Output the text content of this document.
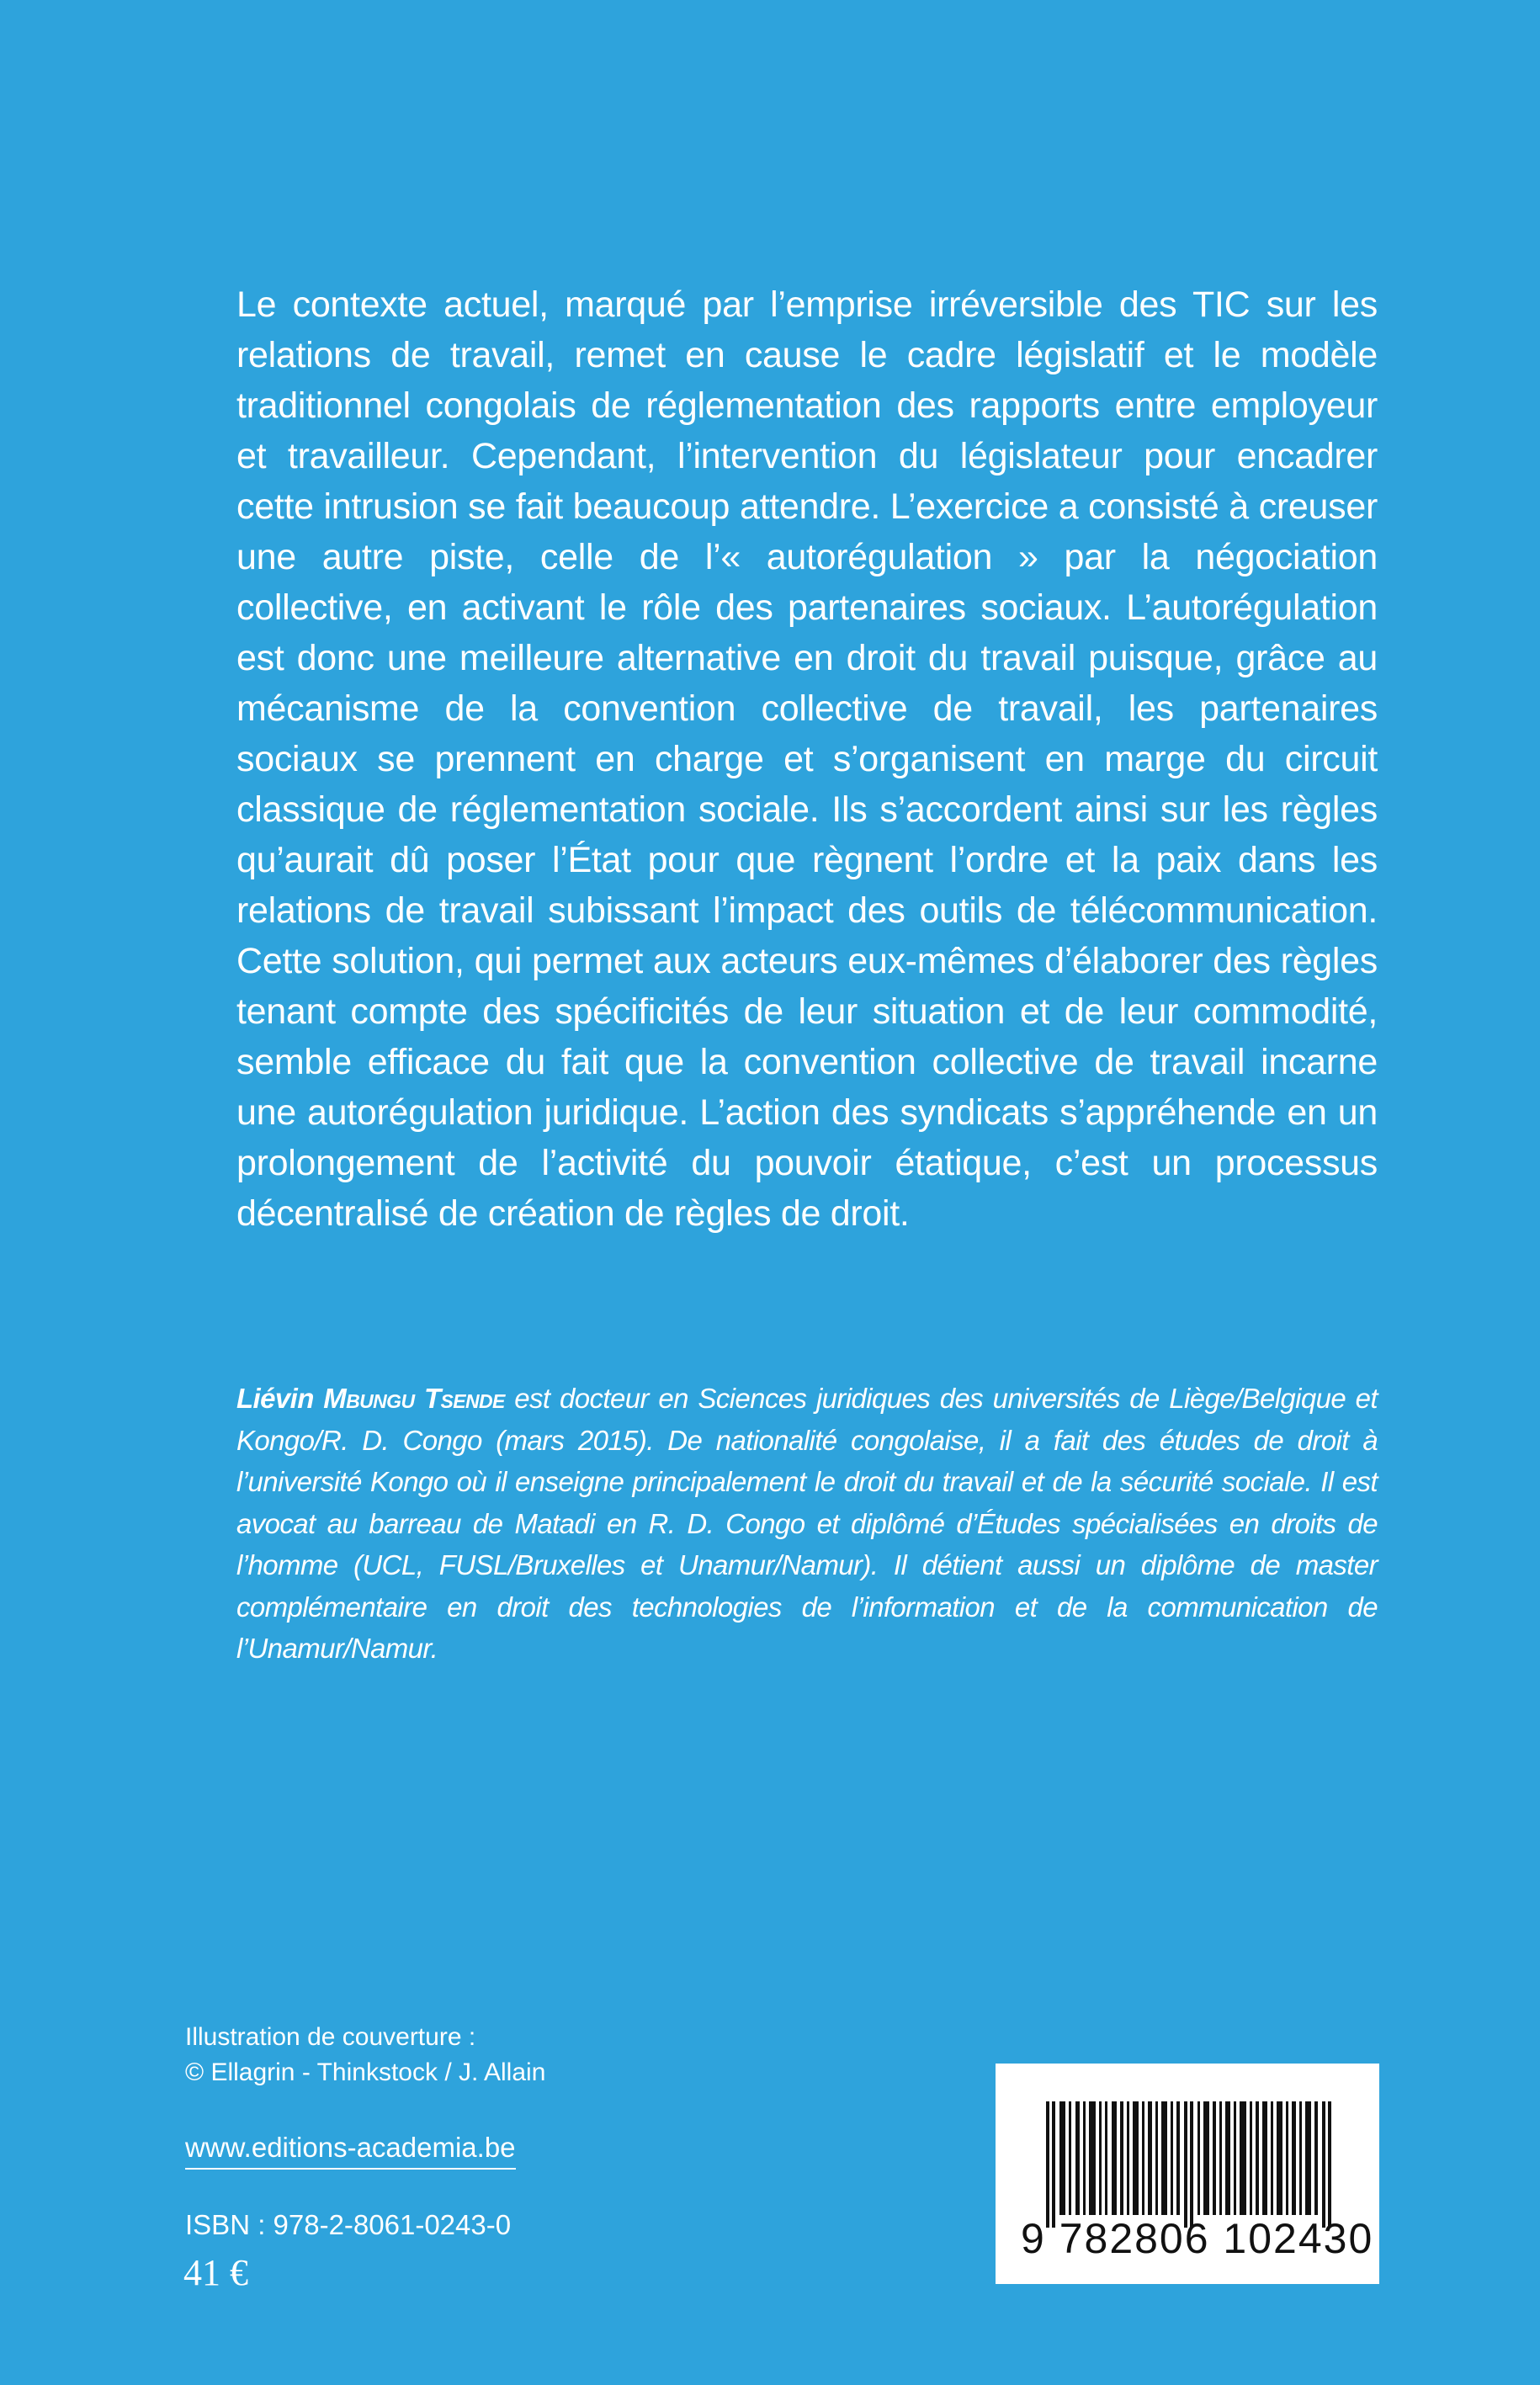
Le contexte actuel, marqué par l’emprise irréversible des TIC sur les relations de travail, remet en cause le cadre législatif et le modèle traditionnel congolais de réglementation des rapports entre employeur et travailleur. Cependant, l’intervention du législateur pour encadrer cette intrusion se fait beaucoup attendre. L’exercice a consisté à creuser une autre piste, celle de l’« autorégulation » par la négociation collective, en activant le rôle des partenaires sociaux. L’autorégulation est donc une meilleure alternative en droit du travail puisque, grâce au mécanisme de la convention collective de travail, les partenaires sociaux se prennent en charge et s’organisent en marge du circuit classique de réglementation sociale. Ils s’accordent ainsi sur les règles qu’aurait dû poser l’État pour que règnent l’ordre et la paix dans les relations de travail subissant l’impact des outils de télécommunication. Cette solution, qui permet aux acteurs eux-mêmes d’élaborer des règles tenant compte des spécificités de leur situation et de leur commodité, semble efficace du fait que la convention collective de travail incarne une autorégulation juridique. L’action des syndicats s’appréhende en un prolongement de l’activité du pouvoir étatique, c’est un processus décentralisé de création de règles de droit.

Liévin Mbungu Tsende est docteur en Sciences juridiques des universités de Liège/Belgique et Kongo/R. D. Congo (mars 2015). De nationalité congolaise, il a fait des études de droit à l’université Kongo où il enseigne principalement le droit du travail et de la sécurité sociale. Il est avocat au barreau de Matadi en R. D. Congo et diplômé d’Études spécialisées en droits de l’homme (UCL, FUSL/Bruxelles et Unamur/Namur). Il détient aussi un diplôme de master complémentaire en droit des technologies de l’information et de la communication de l’Unamur/Namur.

Illustration de couverture :
© Ellagrin - Thinkstock / J. Allain
www.editions-academia.be
ISBN : 978-2-8061-0243-0
41 €
9 782806 102430
